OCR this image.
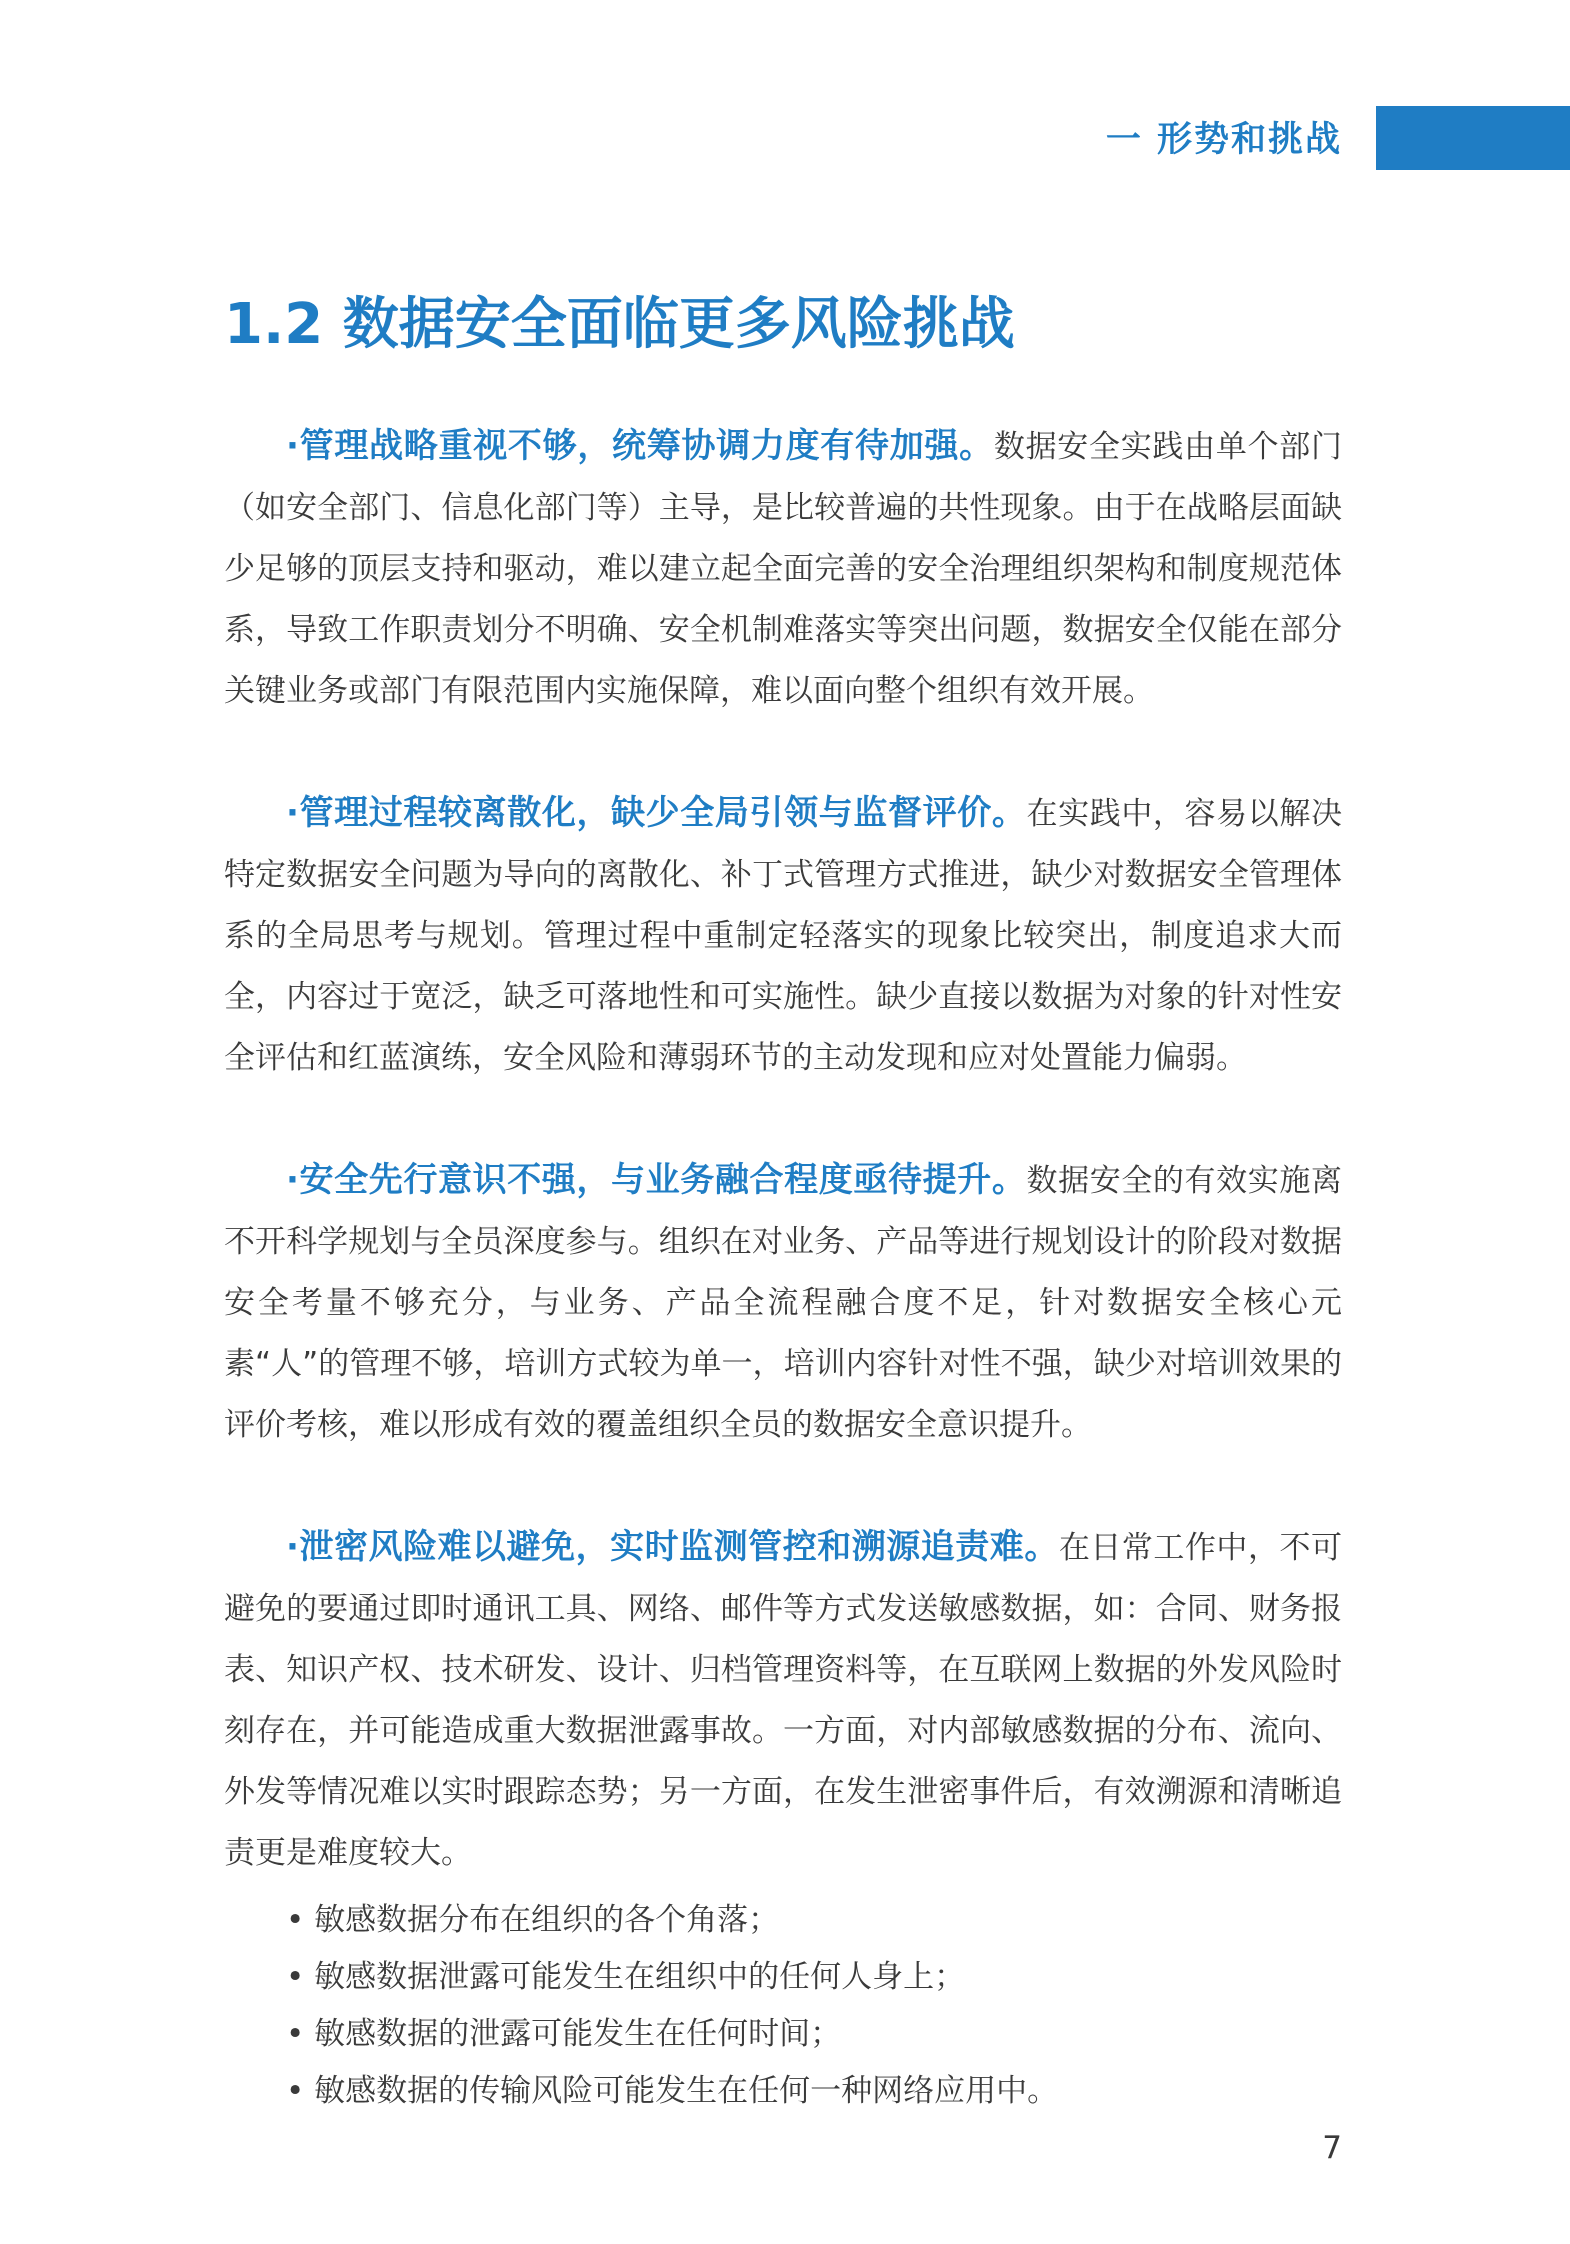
一 形势和挑战
1.2 数据安全面临更多风险挑战

·管理战略重视不够，统筹协调力度有待加强。数据安全实践由单个部门（如安全部门、信息化部门等）主导，是比较普遍的共性现象。由于在战略层面缺少足够的顶层支持和驱动，难以建立起全面完善的安全治理组织架构和制度规范体系，导致工作职责划分不明确、安全机制难落实等突出问题，数据安全仅能在部分关键业务或部门有限范围内实施保障，难以面向整个组织有效开展。

·管理过程较离散化，缺少全局引领与监督评价。在实践中，容易以解决特定数据安全问题为导向的离散化、补丁式管理方式推进，缺少对数据安全管理体系的全局思考与规划。管理过程中重制定轻落实的现象比较突出，制度追求大而全，内容过于宽泛，缺乏可落地性和可实施性。缺少直接以数据为对象的针对性安全评估和红蓝演练，安全风险和薄弱环节的主动发现和应对处置能力偏弱。

·安全先行意识不强，与业务融合程度亟待提升。数据安全的有效实施离不开科学规划与全员深度参与。组织在对业务、产品等进行规划设计的阶段对数据安全考量不够充分，与业务、产品全流程融合度不足，针对数据安全核心元素“人”的管理不够，培训方式较为单一，培训内容针对性不强，缺少对培训效果的评价考核，难以形成有效的覆盖组织全员的数据安全意识提升。

·泄密风险难以避免，实时监测管控和溯源追责难。在日常工作中，不可避免的要通过即时通讯工具、网络、邮件等方式发送敏感数据，如：合同、财务报表、知识产权、技术研发、设计、归档管理资料等，在互联网上数据的外发风险时刻存在，并可能造成重大数据泄露事故。一方面，对内部敏感数据的分布、流向、外发等情况难以实时跟踪态势；另一方面，在发生泄密事件后，有效溯源和清晰追责更是难度较大。

• 敏感数据分布在组织的各个角落；
• 敏感数据泄露可能发生在组织中的任何人身上；
• 敏感数据的泄露可能发生在任何时间；
• 敏感数据的传输风险可能发生在任何一种网络应用中。
7
